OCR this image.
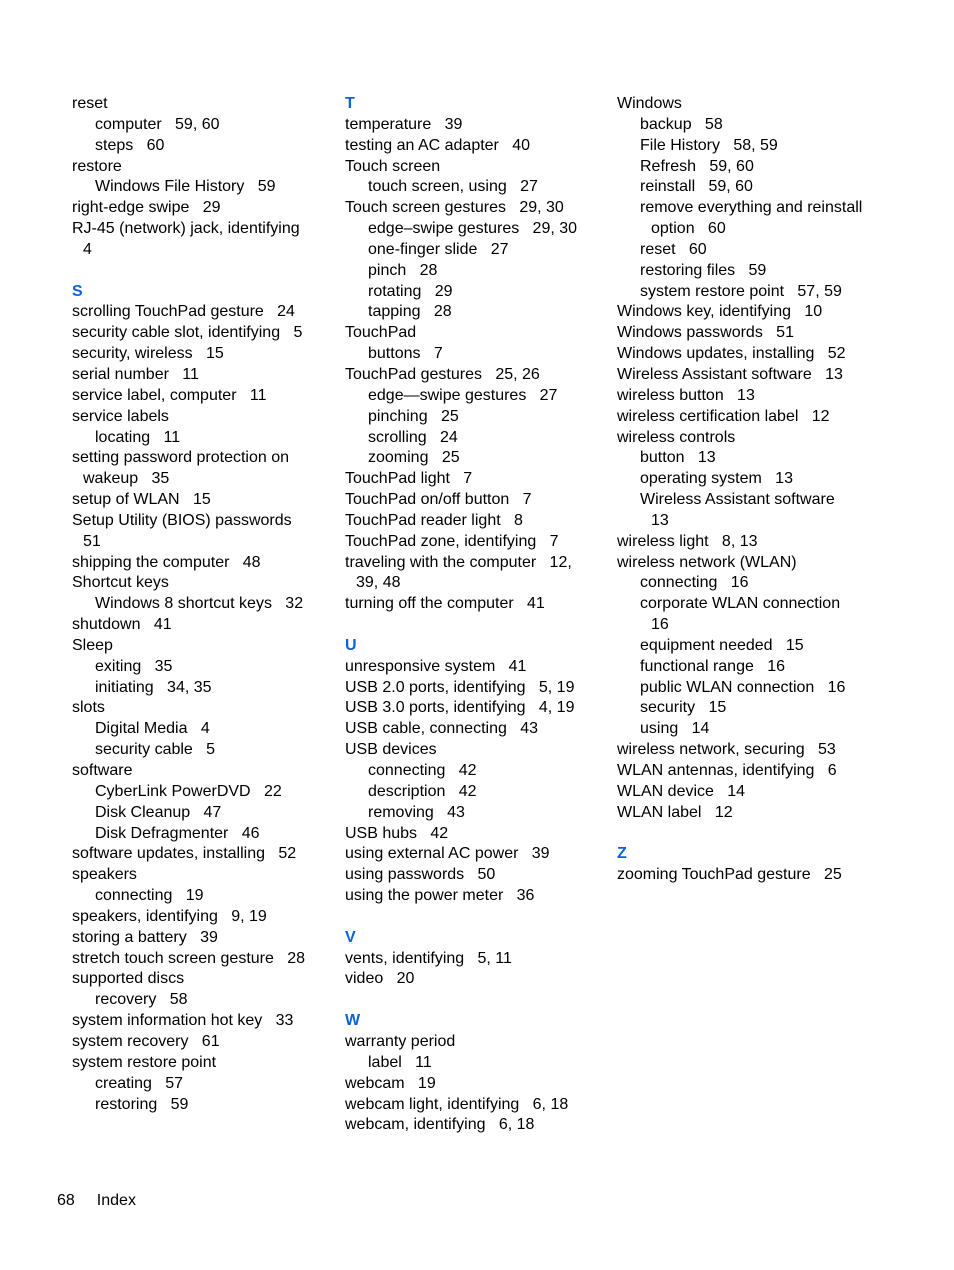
reset
computer   59, 60
steps   60
restore
Windows File History   59
right-edge swipe   29
RJ-45 (network) jack, identifying
4
S
scrolling TouchPad gesture   24
security cable slot, identifying   5
security, wireless   15
serial number   11
service label, computer   11
service labels
locating   11
setting password protection on
wakeup   35
setup of WLAN   15
Setup Utility (BIOS) passwords
51
shipping the computer   48
Shortcut keys
Windows 8 shortcut keys   32
shutdown   41
Sleep
exiting   35
initiating   34, 35
slots
Digital Media   4
security cable   5
software
CyberLink PowerDVD   22
Disk Cleanup   47
Disk Defragmenter   46
software updates, installing   52
speakers
connecting   19
speakers, identifying   9, 19
storing a battery   39
stretch touch screen gesture   28
supported discs
recovery   58
system information hot key   33
system recovery   61
system restore point
creating   57
restoring   59
T
temperature   39
testing an AC adapter   40
Touch screen
touch screen, using   27
Touch screen gestures   29, 30
edge–swipe gestures   29, 30
one-finger slide   27
pinch   28
rotating   29
tapping   28
TouchPad
buttons   7
TouchPad gestures   25, 26
edge—swipe gestures   27
pinching   25
scrolling   24
zooming   25
TouchPad light   7
TouchPad on/off button   7
TouchPad reader light   8
TouchPad zone, identifying   7
traveling with the computer   12,
39, 48
turning off the computer   41
U
unresponsive system   41
USB 2.0 ports, identifying   5, 19
USB 3.0 ports, identifying   4, 19
USB cable, connecting   43
USB devices
connecting   42
description   42
removing   43
USB hubs   42
using external AC power   39
using passwords   50
using the power meter   36
V
vents, identifying   5, 11
video   20
W
warranty period
label   11
webcam   19
webcam light, identifying   6, 18
webcam, identifying   6, 18
Windows
backup   58
File History   58, 59
Refresh   59, 60
reinstall   59, 60
remove everything and reinstall
option   60
reset   60
restoring files   59
system restore point   57, 59
Windows key, identifying   10
Windows passwords   51
Windows updates, installing   52
Wireless Assistant software   13
wireless button   13
wireless certification label   12
wireless controls
button   13
operating system   13
Wireless Assistant software
13
wireless light   8, 13
wireless network (WLAN)
connecting   16
corporate WLAN connection
16
equipment needed   15
functional range   16
public WLAN connection   16
security   15
using   14
wireless network, securing   53
WLAN antennas, identifying   6
WLAN device   14
WLAN label   12
Z
zooming TouchPad gesture   25
68 Index
